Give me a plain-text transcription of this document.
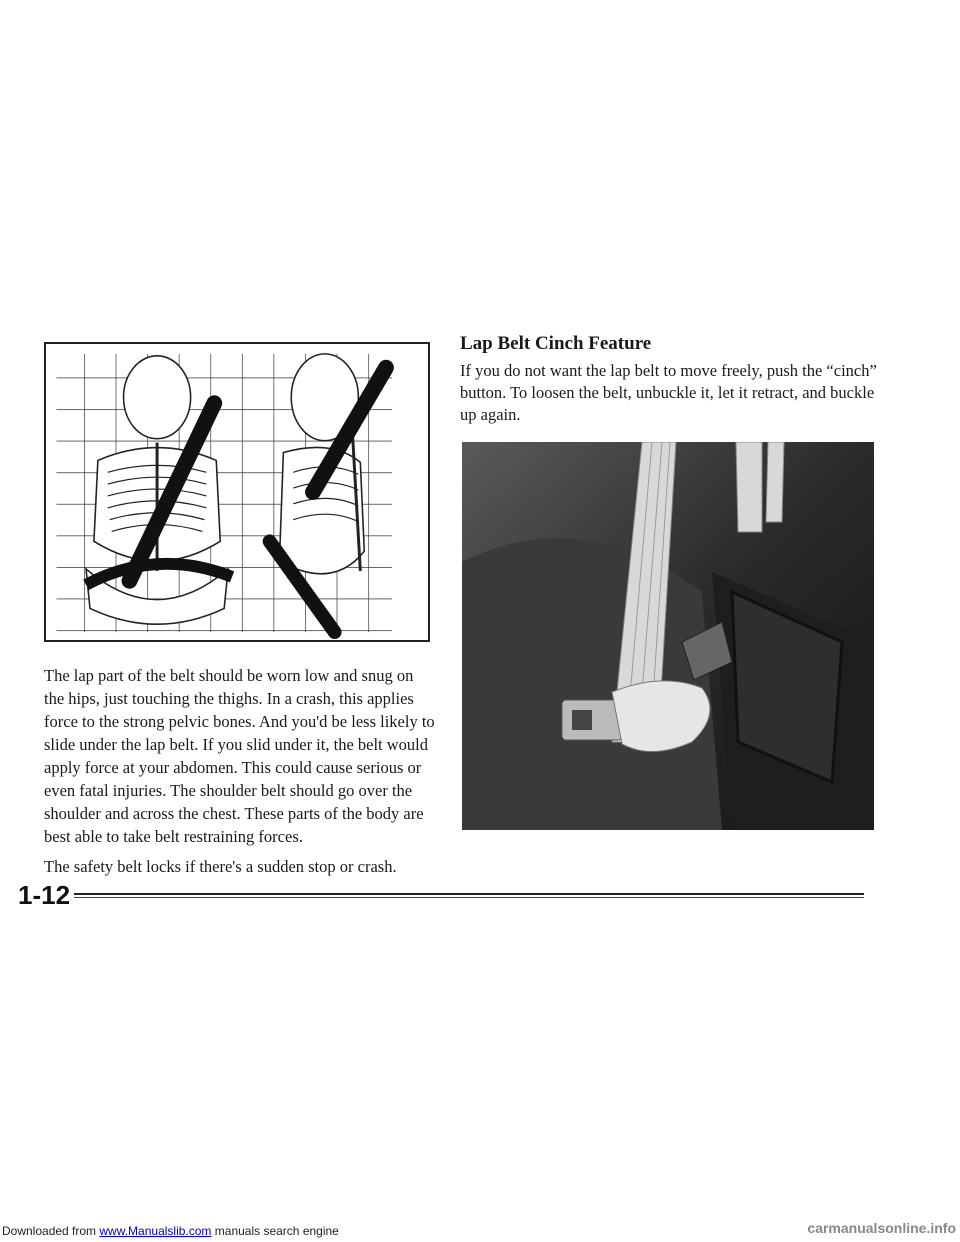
Lap Belt Cinch Feature

If you do not want the lap belt to move freely, push the “cinch” button. To loosen the belt, unbuckle it, let it retract, and buckle up again.

The lap part of the belt should be worn low and snug on the hips, just touching the thighs. In a crash, this applies force to the strong pelvic bones. And you'd be less likely to slide under the lap belt. If you slid under it, the belt would apply force at your abdomen. This could cause serious or even fatal injuries. The shoulder belt should go over the shoulder and across the chest. These parts of the body are best able to take belt restraining forces.

The safety belt locks if there's a sudden stop or crash.

1-12
Downloaded from www.Manualslib.com manuals search engine	carmanualsonline.info
